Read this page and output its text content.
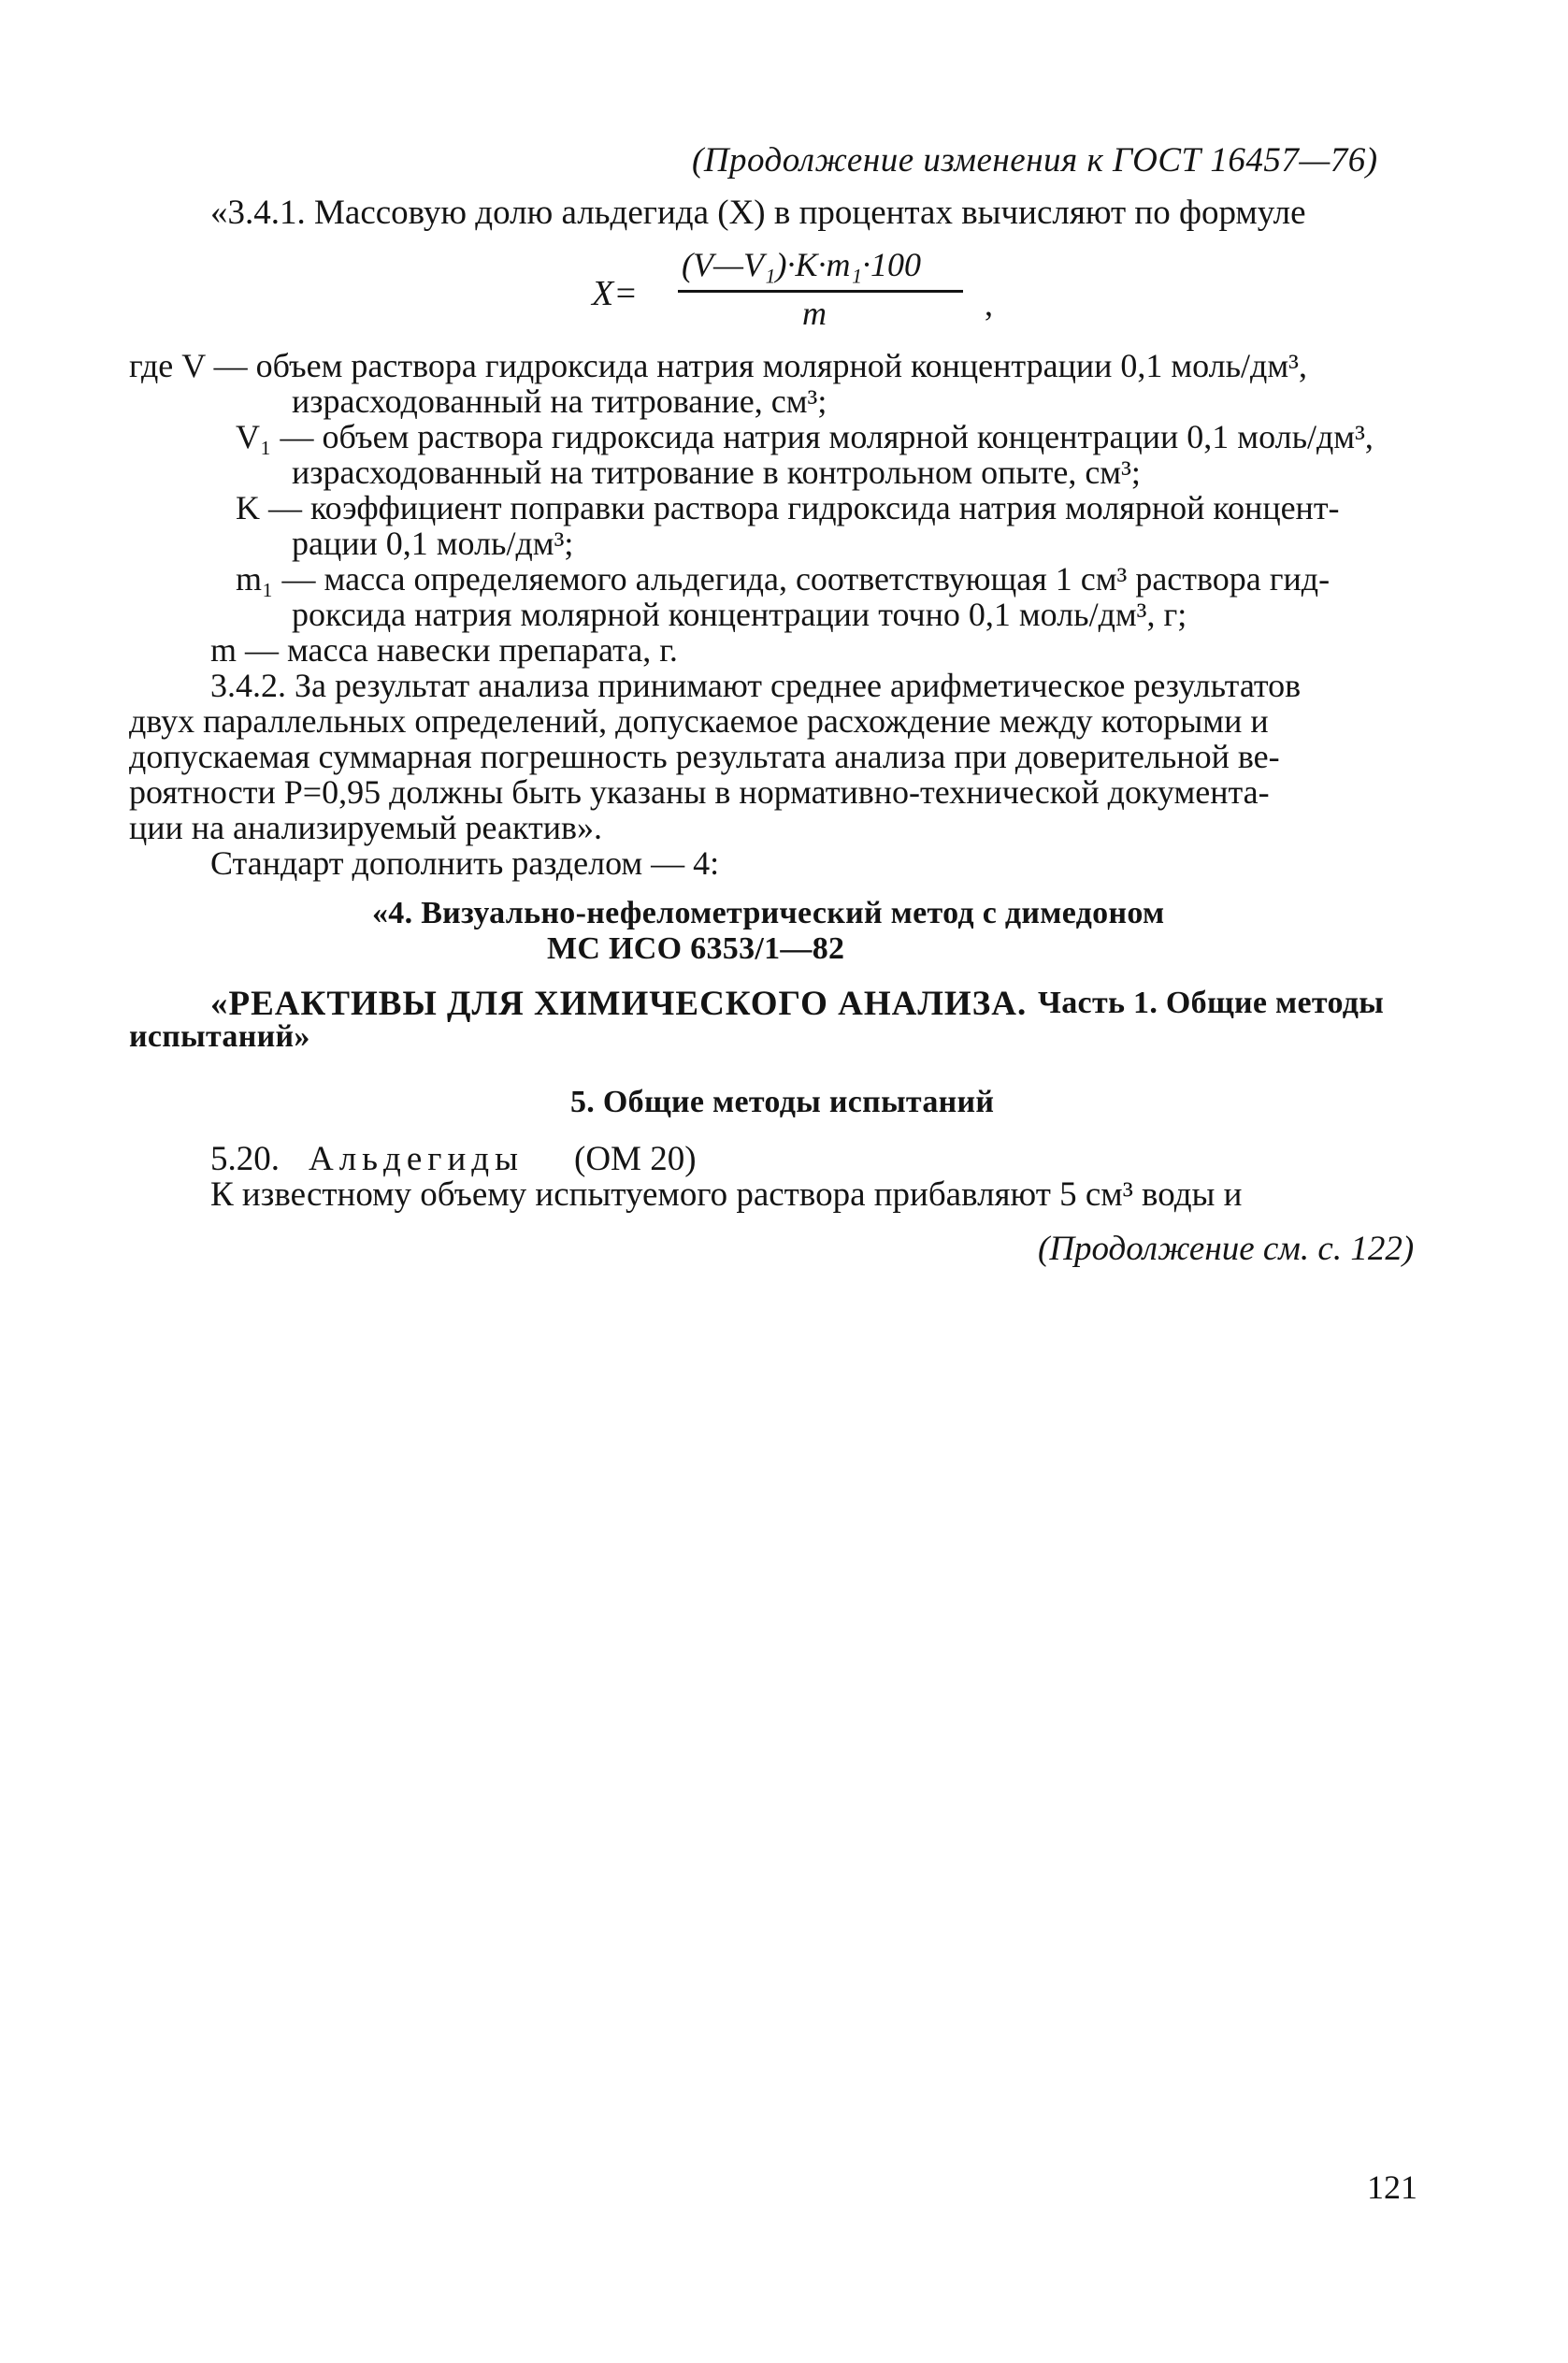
(Продолжение изменения к ГОСТ 16457—76)
«3.4.1. Массовую долю альдегида (X) в процентах вычисляют по формуле
X=
(V—V₁)·K·m₁·100
m	,
где V — объем раствора гидроксида натрия молярной концентрации 0,1 моль/дм³,
израсходованный на титрование, см³;
V₁ — объем раствора гидроксида натрия молярной концентрации 0,1 моль/дм³,
израсходованный на титрование в контрольном опыте, см³;
K — коэффициент поправки раствора гидроксида натрия молярной концент-
рации 0,1 моль/дм³;
m₁ — масса определяемого альдегида, соответствующая 1 см³ раствора гид-
роксида натрия молярной концентрации точно 0,1 моль/дм³, г;
m — масса навески препарата, г.
3.4.2. За результат анализа принимают среднее арифметическое результатов
двух параллельных определений, допускаемое расхождение между которыми и
допускаемая суммарная погрешность результата анализа при доверительной ве-
роятности P=0,95 должны быть указаны в нормативно-технической документа-
ции на анализируемый реактив».
Стандарт дополнить разделом — 4:
«4. Визуально-нефелометрический метод с димедоном
МС ИСО 6353/1—82
«РЕАКТИВЫ ДЛЯ ХИМИЧЕСКОГО АНАЛИЗА. Часть 1. Общие методы
испытаний»
5. Общие методы испытаний
5.20. Альдегиды (ОМ 20)
К известному объему испытуемого раствора прибавляют 5 см³ воды и
(Продолжение см. с. 122)
121
